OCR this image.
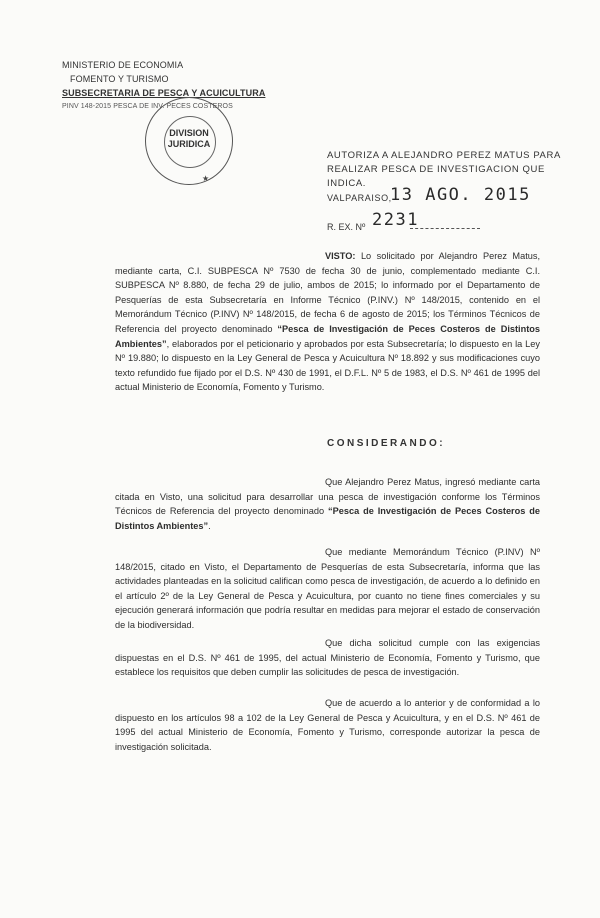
MINISTERIO DE ECONOMIA
FOMENTO Y TURISMO
SUBSECRETARIA DE PESCA Y ACUICULTURA
PINV 148-2015 PESCA DE INV. PECES COSTEROS
DIVISION
JURIDICA
★
AUTORIZA A ALEJANDRO PEREZ MATUS PARA REALIZAR PESCA DE INVESTIGACION QUE INDICA.
VALPARAISO,
13 AGO. 2015
R. EX. Nº 2231
VISTO: Lo solicitado por Alejandro Perez Matus, mediante carta, C.I. SUBPESCA Nº 7530 de fecha 30 de junio, complementado mediante C.I. SUBPESCA Nº 8.880, de fecha 29 de julio, ambos de 2015; lo informado por el Departamento de Pesquerías de esta Subsecretaría en Informe Técnico (P.INV.) Nº 148/2015, contenido en el Memorándum Técnico (P.INV) Nº 148/2015, de fecha 6 de agosto de 2015; los Términos Técnicos de Referencia del proyecto denominado “Pesca de Investigación de Peces Costeros de Distintos Ambientes”, elaborados por el peticionario y aprobados por esta Subsecretaría; lo dispuesto en la Ley Nº 19.880; lo dispuesto en la Ley General de Pesca y Acuicultura Nº 18.892 y sus modificaciones cuyo texto refundido fue fijado por el D.S. Nº 430 de 1991, el D.F.L. Nº 5 de 1983, el D.S. Nº 461 de 1995 del actual Ministerio de Economía, Fomento y Turismo.
CONSIDERANDO:
Que Alejandro Perez Matus, ingresó mediante carta citada en Visto, una solicitud para desarrollar una pesca de investigación conforme los Términos Técnicos de Referencia del proyecto denominado “Pesca de Investigación de Peces Costeros de Distintos Ambientes”.
Que mediante Memorándum Técnico (P.INV) Nº 148/2015, citado en Visto, el Departamento de Pesquerías de esta Subsecretaría, informa que las actividades planteadas en la solicitud califican como pesca de investigación, de acuerdo a lo definido en el artículo 2º de la Ley General de Pesca y Acuicultura, por cuanto no tiene fines comerciales y su ejecución generará información que podría resultar en medidas para mejorar el estado de conservación de la biodiversidad.
Que dicha solicitud cumple con las exigencias dispuestas en el D.S. Nº 461 de 1995, del actual Ministerio de Economía, Fomento y Turismo, que establece los requisitos que deben cumplir las solicitudes de pesca de investigación.
Que de acuerdo a lo anterior y de conformidad a lo dispuesto en los artículos 98 a 102 de la Ley General de Pesca y Acuicultura, y en el D.S. Nº 461 de 1995 del actual Ministerio de Economía, Fomento y Turismo, corresponde autorizar la pesca de investigación solicitada.
